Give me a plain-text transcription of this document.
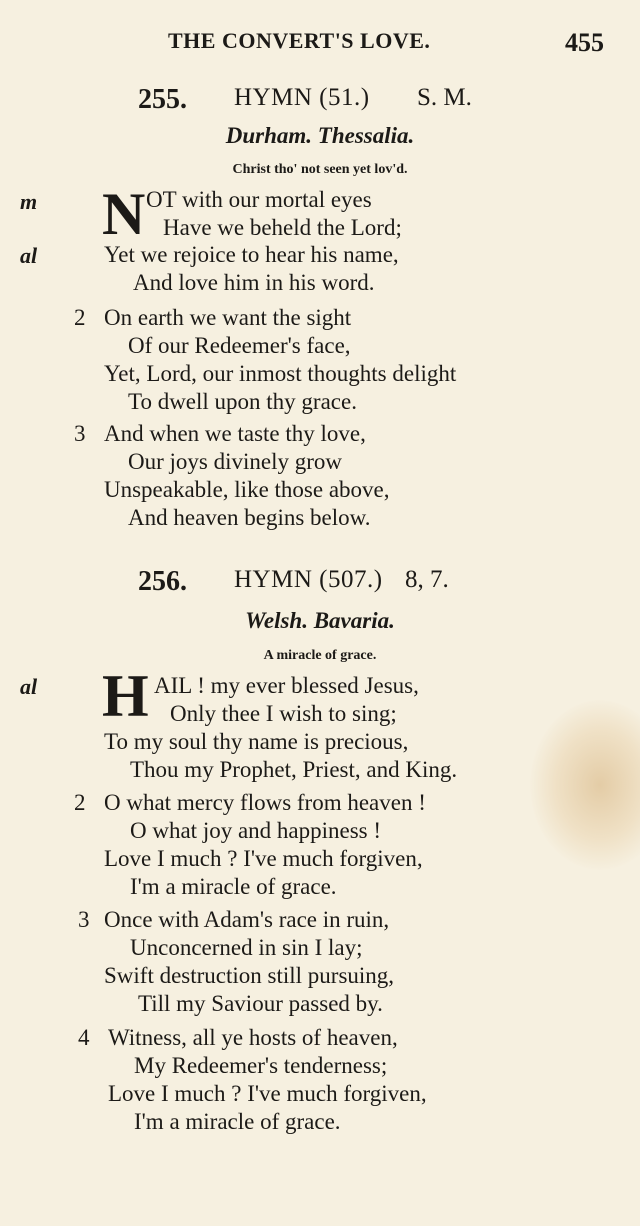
THE CONVERT'S LOVE.	455
255. HYMN (51.) S. M.
Durham. Thessalia.
Christ tho' not seen yet lov'd.
m
al
N OT with our mortal eyes
Have we beheld the Lord;
Yet we rejoice to hear his name,
And love him in his word.
2 On earth we want the sight
Of our Redeemer's face,
Yet, Lord, our inmost thoughts delight
To dwell upon thy grace.
3 And when we taste thy love,
Our joys divinely grow
Unspeakable, like those above,
And heaven begins below.
256. HYMN (507.) 8, 7.
Welsh. Bavaria.
A miracle of grace.
al H AIL ! my ever blessed Jesus,
Only thee I wish to sing;
To my soul thy name is precious,
Thou my Prophet, Priest, and King.
2 O what mercy flows from heaven !
O what joy and happiness !
Love I much ? I've much forgiven,
I'm a miracle of grace.
3 Once with Adam's race in ruin,
Unconcerned in sin I lay;
Swift destruction still pursuing,
Till my Saviour passed by.
4 Witness, all ye hosts of heaven,
My Redeemer's tenderness;
Love I much ? I've much forgiven,
I'm a miracle of grace.
